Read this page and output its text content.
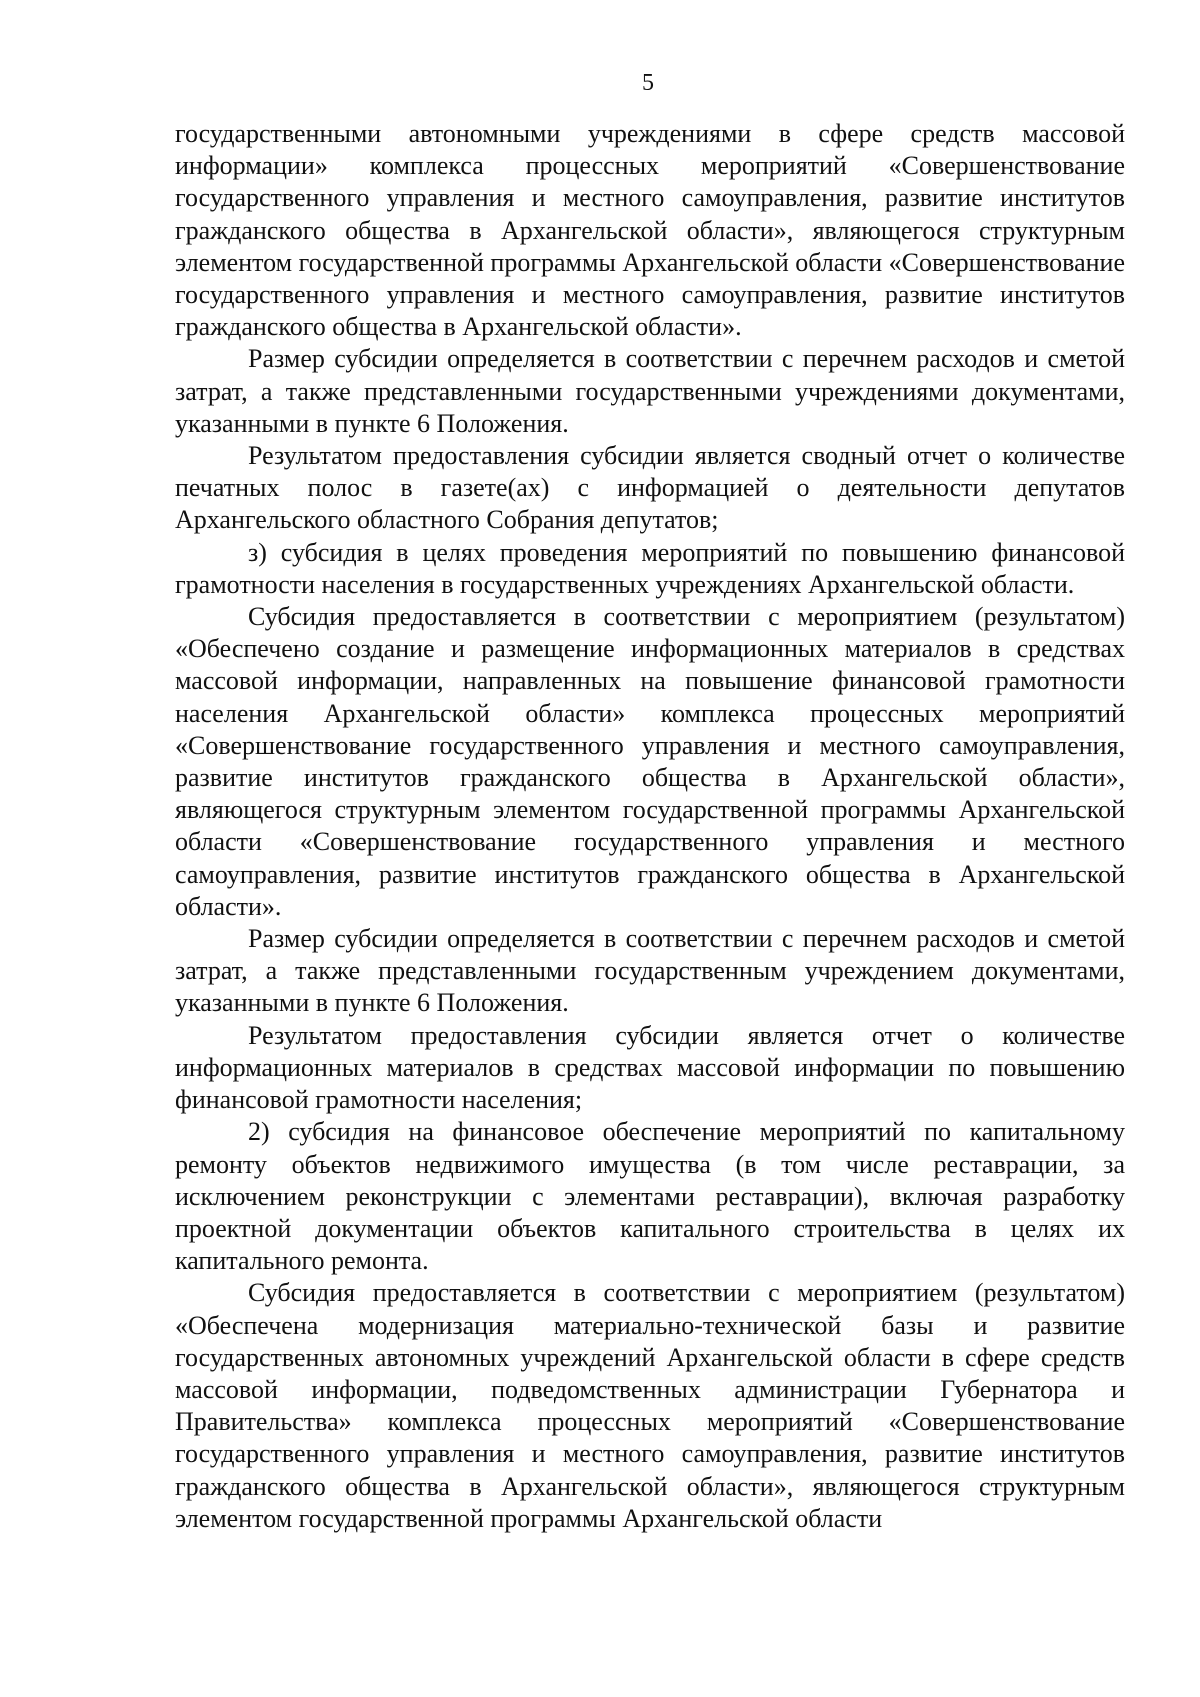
5

государственными автономными учреждениями в сфере средств массовой информации» комплекса процессных мероприятий «Совершенствование государственного управления и местного самоуправления, развитие институтов гражданского общества в Архангельской области», являющегося структурным элементом государственной программы Архангельской области «Совершенствование государственного управления и местного самоуправления, развитие институтов гражданского общества в Архангельской области».

Размер субсидии определяется в соответствии с перечнем расходов и сметой затрат, а также представленными государственными учреждениями документами, указанными в пункте 6 Положения.

Результатом предоставления субсидии является сводный отчет о количестве печатных полос в газете(ах) с информацией о деятельности депутатов Архангельского областного Собрания депутатов;

з) субсидия в целях проведения мероприятий по повышению финансовой грамотности населения в государственных учреждениях Архангельской области.

Субсидия предоставляется в соответствии с мероприятием (результатом) «Обеспечено создание и размещение информационных материалов в средствах массовой информации, направленных на повышение финансовой грамотности населения Архангельской области» комплекса процессных мероприятий «Совершенствование государственного управления и местного самоуправления, развитие институтов гражданского общества в Архангельской области», являющегося структурным элементом государственной программы Архангельской области «Совершенствование государственного управления и местного самоуправления, развитие институтов гражданского общества в Архангельской области».

Размер субсидии определяется в соответствии с перечнем расходов и сметой затрат, а также представленными государственным учреждением документами, указанными в пункте 6 Положения.

Результатом предоставления субсидии является отчет о количестве информационных материалов в средствах массовой информации по повышению финансовой грамотности населения;

2) субсидия на финансовое обеспечение мероприятий по капитальному ремонту объектов недвижимого имущества (в том числе реставрации, за исключением реконструкции с элементами реставрации), включая разработку проектной документации объектов капитального строительства в целях их капитального ремонта.

Субсидия предоставляется в соответствии с мероприятием (результатом) «Обеспечена модернизация материально-технической базы и развитие государственных автономных учреждений Архангельской области в сфере средств массовой информации, подведомственных администрации Губернатора и Правительства» комплекса процессных мероприятий «Совершенствование государственного управления и местного самоуправления, развитие институтов гражданского общества в Архангельской области», являющегося структурным элементом государственной программы Архангельской области
